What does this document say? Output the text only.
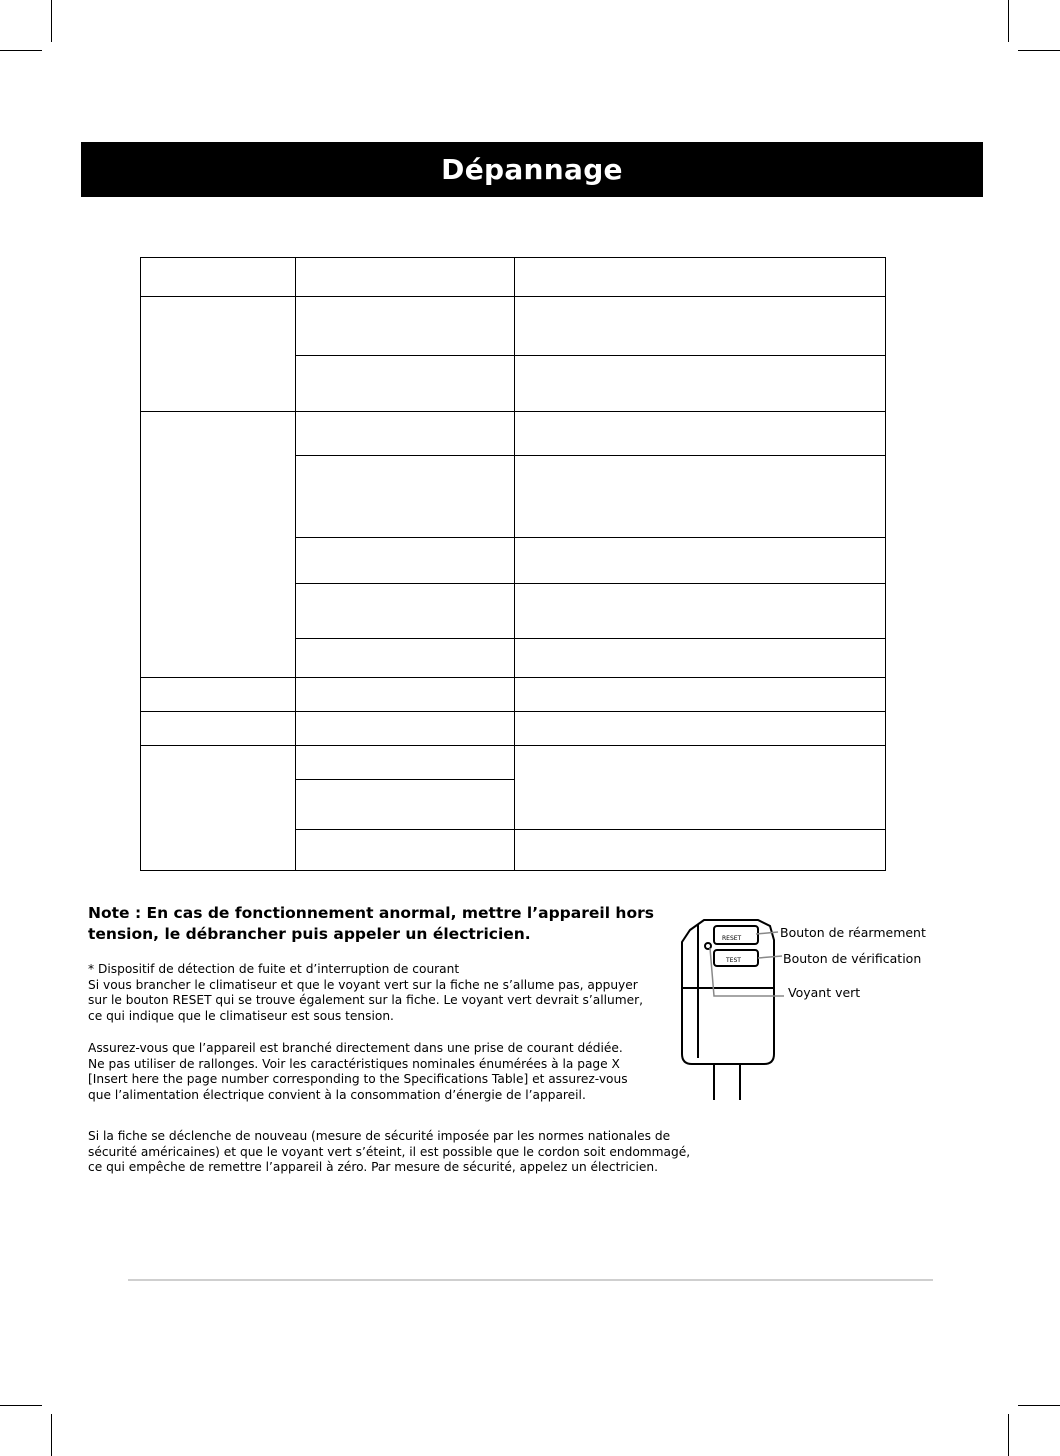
Dépannage

Note : En cas de fonctionnement anormal, mettre l’appareil hors
tension, le débrancher puis appeler un électricien.
* Dispositif de détection de fuite et d’interruption de courant
Si vous brancher le climatiseur et que le voyant vert sur la fiche ne s’allume pas, appuyer
sur le bouton RESET qui se trouve également sur la fiche. Le voyant vert devrait s’allumer,
ce qui indique que le climatiseur est sous tension.
Assurez-vous que l’appareil est branché directement dans une prise de courant dédiée.
Ne pas utiliser de rallonges. Voir les caractéristiques nominales énumérées à la page X
[Insert here the page number corresponding to the Specifications Table] et assurez-vous
que l’alimentation électrique convient à la consommation d’énergie de l’appareil.
Si la fiche se déclenche de nouveau (mesure de sécurité imposée par les normes nationales de
sécurité américaines) et que le voyant vert s’éteint, il est possible que le cordon soit endommagé,
ce qui empêche de remettre l’appareil à zéro. Par mesure de sécurité, appelez un électricien.
RESET
TEST
Bouton de réarmement
Bouton de vérification
Voyant vert
